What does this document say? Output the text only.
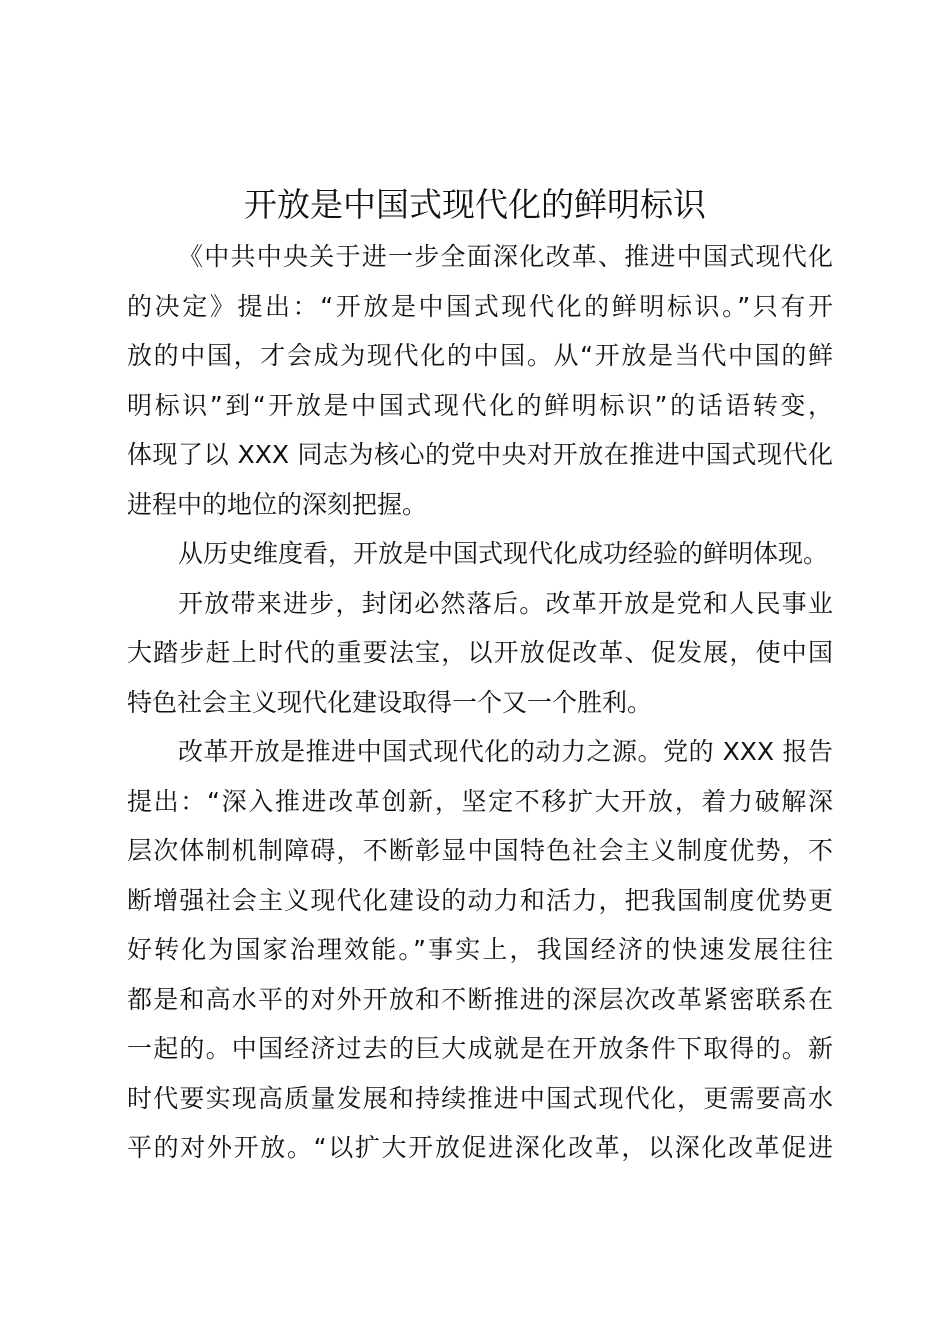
开放是中国式现代化的鲜明标识

《中共中央关于进一步全面深化改革、推进中国式现代化
的决定》提出：“开放是中国式现代化的鲜明标识。”只有开
放的中国，才会成为现代化的中国。从“开放是当代中国的鲜
明标识”到“开放是中国式现代化的鲜明标识”的话语转变，
体现了以 XXX 同志为核心的党中央对开放在推进中国式现代化
进程中的地位的深刻把握。

从历史维度看，开放是中国式现代化成功经验的鲜明体现。

开放带来进步，封闭必然落后。改革开放是党和人民事业
大踏步赶上时代的重要法宝，以开放促改革、促发展，使中国
特色社会主义现代化建设取得一个又一个胜利。

改革开放是推进中国式现代化的动力之源。党的 XXX 报告
提出：“深入推进改革创新，坚定不移扩大开放，着力破解深
层次体制机制障碍，不断彰显中国特色社会主义制度优势，不
断增强社会主义现代化建设的动力和活力，把我国制度优势更
好转化为国家治理效能。”事实上，我国经济的快速发展往往
都是和高水平的对外开放和不断推进的深层次改革紧密联系在
一起的。中国经济过去的巨大成就是在开放条件下取得的。新
时代要实现高质量发展和持续推进中国式现代化，更需要高水
平的对外开放。“以扩大开放促进深化改革，以深化改革促进
